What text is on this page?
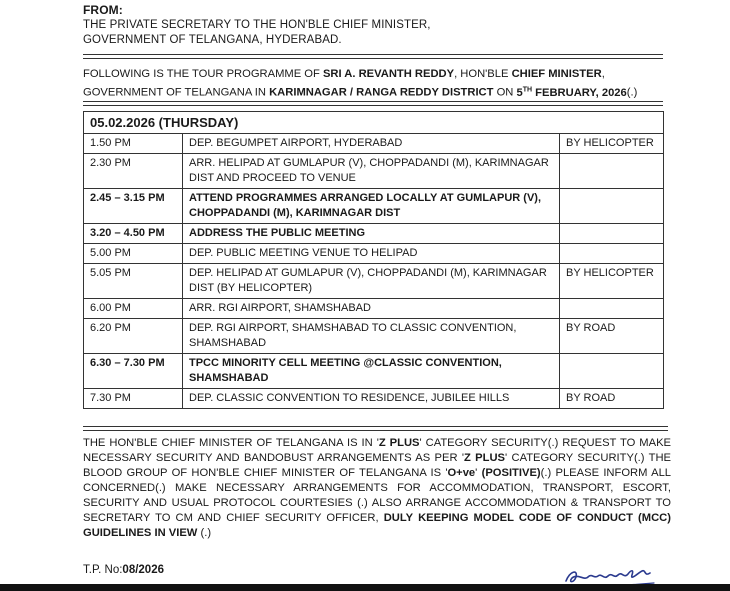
FROM:
THE PRIVATE SECRETARY TO THE HON'BLE CHIEF MINISTER,
GOVERNMENT OF TELANGANA, HYDERABAD.
FOLLOWING IS THE TOUR PROGRAMME OF SRI A. REVANTH REDDY, HON'BLE CHIEF MINISTER,
GOVERNMENT OF TELANGANA IN KARIMNAGAR / RANGA REDDY DISTRICT ON 5TH FEBRUARY, 2026(.)
05.02.2026 (THURSDAY)		
1.50 PM	DEP. BEGUMPET AIRPORT, HYDERABAD	BY HELICOPTER
2.30 PM	ARR. HELIPAD AT GUMLAPUR (V), CHOPPADANDI (M), KARIMNAGAR DIST AND PROCEED TO VENUE	
2.45 – 3.15 PM	ATTEND PROGRAMMES ARRANGED LOCALLY AT GUMLAPUR (V), CHOPPADANDI (M), KARIMNAGAR DIST	
3.20 – 4.50 PM	ADDRESS THE PUBLIC MEETING	
5.00 PM	DEP. PUBLIC MEETING VENUE TO HELIPAD	
5.05 PM	DEP. HELIPAD AT GUMLAPUR (V), CHOPPADANDI (M), KARIMNAGAR DIST (BY HELICOPTER)	BY HELICOPTER
6.00 PM	ARR. RGI AIRPORT, SHAMSHABAD	
6.20 PM	DEP. RGI AIRPORT, SHAMSHABAD TO CLASSIC CONVENTION, SHAMSHABAD	BY ROAD
6.30 – 7.30 PM	TPCC MINORITY CELL MEETING @CLASSIC CONVENTION, SHAMSHABAD	
7.30 PM	DEP. CLASSIC CONVENTION TO RESIDENCE, JUBILEE HILLS	BY ROAD
THE HON'BLE CHIEF MINISTER OF TELANGANA IS IN 'Z PLUS' CATEGORY SECURITY(.) REQUEST TO MAKE NECESSARY SECURITY AND BANDOBUST ARRANGEMENTS AS PER 'Z PLUS' CATEGORY SECURITY(.) THE BLOOD GROUP OF HON'BLE CHIEF MINISTER OF TELANGANA IS 'O+ve' (POSITIVE)(.) PLEASE INFORM ALL CONCERNED(.) MAKE NECESSARY ARRANGEMENTS FOR ACCOMMODATION, TRANSPORT, ESCORT, SECURITY AND USUAL PROTOCOL COURTESIES (.) ALSO ARRANGE ACCOMMODATION & TRANSPORT TO SECRETARY TO CM AND CHIEF SECURITY OFFICER, DULY KEEPING MODEL CODE OF CONDUCT (MCC) GUIDELINES IN VIEW (.)
T.P. No:08/2026
